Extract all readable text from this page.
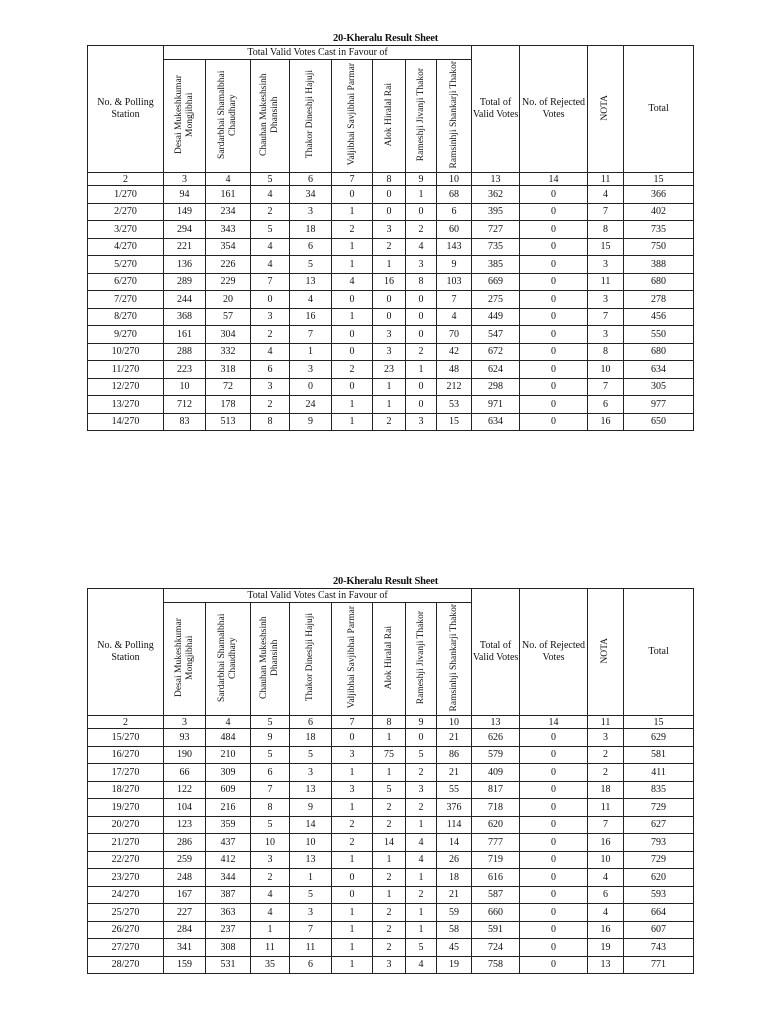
20-Kheralu Result Sheet
No. & Polling Station	Total Valid Votes Cast in Favour of								Total of Valid Votes	No. of Rejected Votes	NOTA	Total
	Desai Mukeshkumar Mongjibhai	Sardarbhai Shamalbhai Chaudhary	Chauhan Mukeshsinh Dhansinh	Thakor Dineshji Hajuji	Valjibhai Savjibhai Parmar	Alok Hiralal Rai	Rameshji Jivanji Thakor	Ramsinhji Shankarji Thakor				
2	3	4	5	6	7	8	9	10	13	14	11	15
1/270	94	161	4	34	0	0	1	68	362	0	4	366
2/270	149	234	2	3	1	0	0	6	395	0	7	402
3/270	294	343	5	18	2	3	2	60	727	0	8	735
4/270	221	354	4	6	1	2	4	143	735	0	15	750
5/270	136	226	4	5	1	1	3	9	385	0	3	388
6/270	289	229	7	13	4	16	8	103	669	0	11	680
7/270	244	20	0	4	0	0	0	7	275	0	3	278
8/270	368	57	3	16	1	0	0	4	449	0	7	456
9/270	161	304	2	7	0	3	0	70	547	0	3	550
10/270	288	332	4	1	0	3	2	42	672	0	8	680
11/270	223	318	6	3	2	23	1	48	624	0	10	634
12/270	10	72	3	0	0	1	0	212	298	0	7	305
13/270	712	178	2	24	1	1	0	53	971	0	6	977
14/270	83	513	8	9	1	2	3	15	634	0	16	650
20-Kheralu Result Sheet
No. & Polling Station	Total Valid Votes Cast in Favour of								Total of Valid Votes	No. of Rejected Votes	NOTA	Total
	Desai Mukeshkumar Mongjibhai	Sardarbhai Shamalbhai Chaudhary	Chauhan Mukeshsinh Dhansinh	Thakor Dineshji Hajuji	Valjibhai Savjibhai Parmar	Alok Hiralal Rai	Rameshji Jivanji Thakor	Ramsinhji Shankarji Thakor				
2	3	4	5	6	7	8	9	10	13	14	11	15
15/270	93	484	9	18	0	1	0	21	626	0	3	629
16/270	190	210	5	5	3	75	5	86	579	0	2	581
17/270	66	309	6	3	1	1	2	21	409	0	2	411
18/270	122	609	7	13	3	5	3	55	817	0	18	835
19/270	104	216	8	9	1	2	2	376	718	0	11	729
20/270	123	359	5	14	2	2	1	114	620	0	7	627
21/270	286	437	10	10	2	14	4	14	777	0	16	793
22/270	259	412	3	13	1	1	4	26	719	0	10	729
23/270	248	344	2	1	0	2	1	18	616	0	4	620
24/270	167	387	4	5	0	1	2	21	587	0	6	593
25/270	227	363	4	3	1	2	1	59	660	0	4	664
26/270	284	237	1	7	1	2	1	58	591	0	16	607
27/270	341	308	11	11	1	2	5	45	724	0	19	743
28/270	159	531	35	6	1	3	4	19	758	0	13	771
